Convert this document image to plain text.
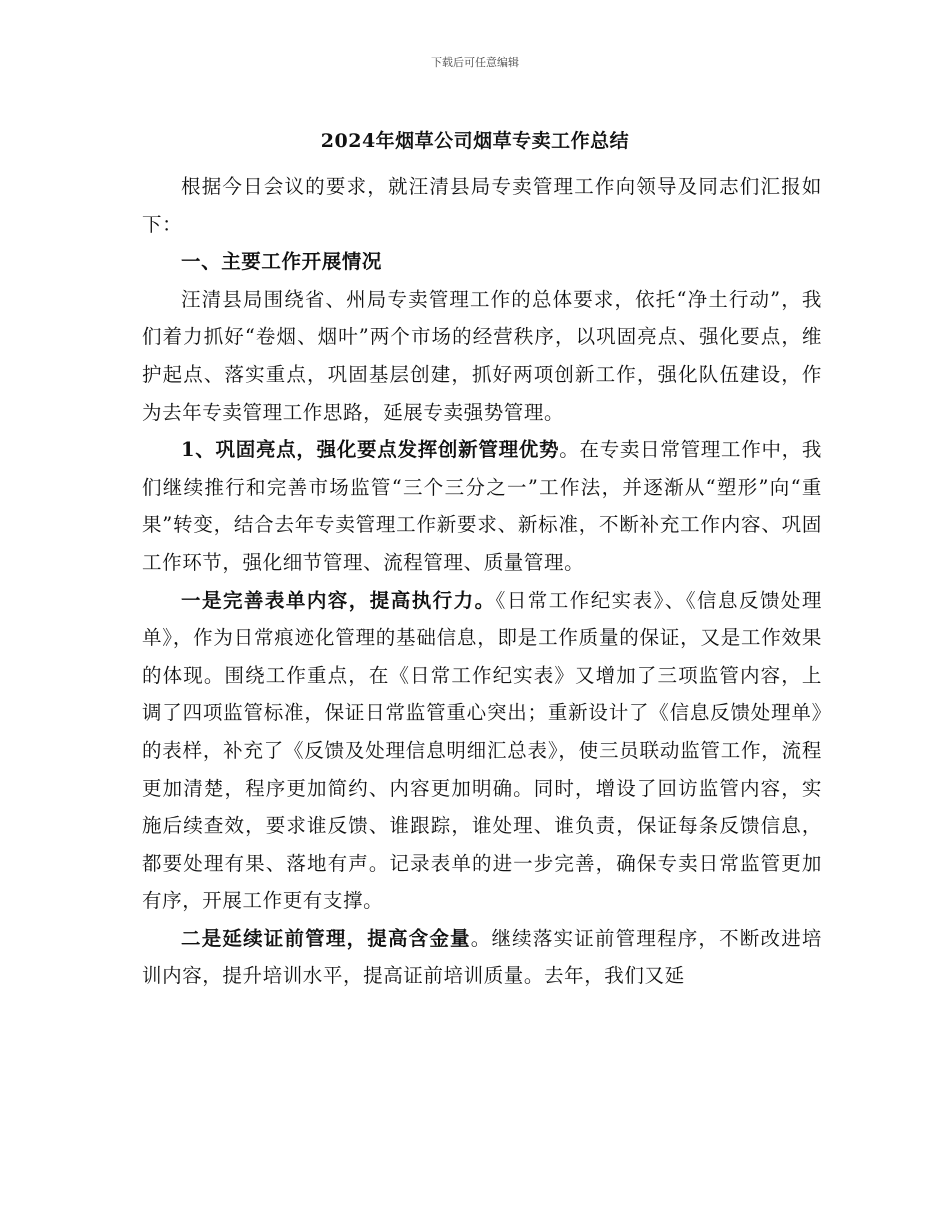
下载后可任意编辑
2024年烟草公司烟草专卖工作总结

根据今日会议的要求，就汪清县局专卖管理工作向领导及同志们汇报如下：

一、主要工作开展情况

汪清县局围绕省、州局专卖管理工作的总体要求，依托“净土行动”，我们着力抓好“卷烟、烟叶”两个市场的经营秩序，以巩固亮点、强化要点，维护起点、落实重点，巩固基层创建，抓好两项创新工作，强化队伍建设，作为去年专卖管理工作思路，延展专卖强势管理。

1、巩固亮点，强化要点发挥创新管理优势。在专卖日常管理工作中，我们继续推行和完善市场监管“三个三分之一”工作法，并逐渐从“塑形”向“重果”转变，结合去年专卖管理工作新要求、新标准，不断补充工作内容、巩固工作环节，强化细节管理、流程管理、质量管理。

一是完善表单内容，提高执行力。《日常工作纪实表》、《信息反馈处理单》，作为日常痕迹化管理的基础信息，即是工作质量的保证，又是工作效果的体现。围绕工作重点，在《日常工作纪实表》又增加了三项监管内容，上调了四项监管标准，保证日常监管重心突出；重新设计了《信息反馈处理单》的表样，补充了《反馈及处理信息明细汇总表》，使三员联动监管工作，流程更加清楚，程序更加简约、内容更加明确。同时，增设了回访监管内容，实施后续查效，要求谁反馈、谁跟踪，谁处理、谁负责，保证每条反馈信息，都要处理有果、落地有声。记录表单的进一步完善，确保专卖日常监管更加有序，开展工作更有支撑。

二是延续证前管理，提高含金量。继续落实证前管理程序，不断改进培训内容，提升培训水平，提高证前培训质量。去年，我们又延
